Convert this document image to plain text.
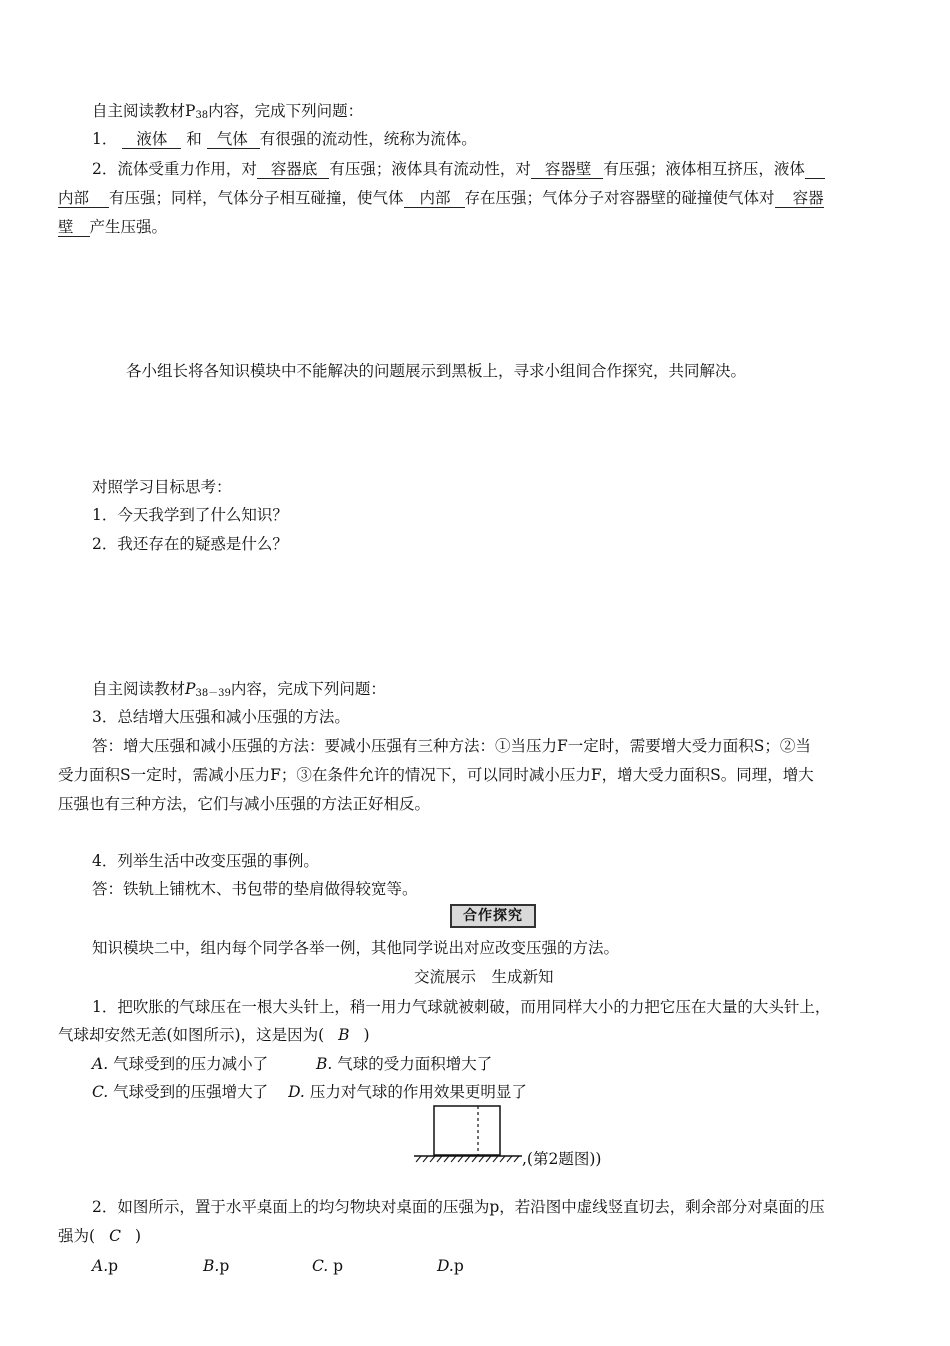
自主阅读教材$P_{38}$内容，完成下列问题：
1． 液体 和 气体 有很强的流动性，统称为流体。
2．流体受重力作用，对 容器底 有压强；液体具有流动性，对 容器壁 有压强；液体相互挤压，液体
内部 有压强；同样，气体分子相互碰撞，使气体 内部 存在压强；气体分子对容器壁的碰撞使气体对 容器
壁 产生压强。
各小组长将各知识模块中不能解决的问题展示到黑板上，寻求小组间合作探究，共同解决。
对照学习目标思考：
1．今天我学到了什么知识？
2．我还存在的疑惑是什么？
自主阅读教材$P_{38-39}$内容，完成下列问题：
3．总结增大压强和减小压强的方法。
答：增大压强和减小压强的方法：要减小压强有三种方法：①当压力F一定时，需要增大受力面积S；②当
受力面积S一定时，需减小压力F；③在条件允许的情况下，可以同时减小压力F，增大受力面积S。同理，增大
压强也有三种方法，它们与减小压强的方法正好相反。
4．列举生活中改变压强的事例。
答：铁轨上铺枕木、书包带的垫肩做得较宽等。
合作探究
知识模块二中，组内每个同学各举一例，其他同学说出对应改变压强的方法。
交流展示　生成新知
1．把吹胀的气球压在一根大头针上，稍一用力气球就被刺破，而用同样大小的力把它压在大量的大头针上，
气球却安然无恙(如图所示)，这是因为( B )
A. 气球受到的压力减小了	B. 气球的受力面积增大了
C. 气球受到的压强增大了 D. 压力对气球的作用效果更明显了
,(第2题图))
2．如图所示，置于水平桌面上的均匀物块对桌面的压强为p，若沿图中虚线竖直切去，剩余部分对桌面的压
强为( C )
A.p	B.p	C. p	D.p
